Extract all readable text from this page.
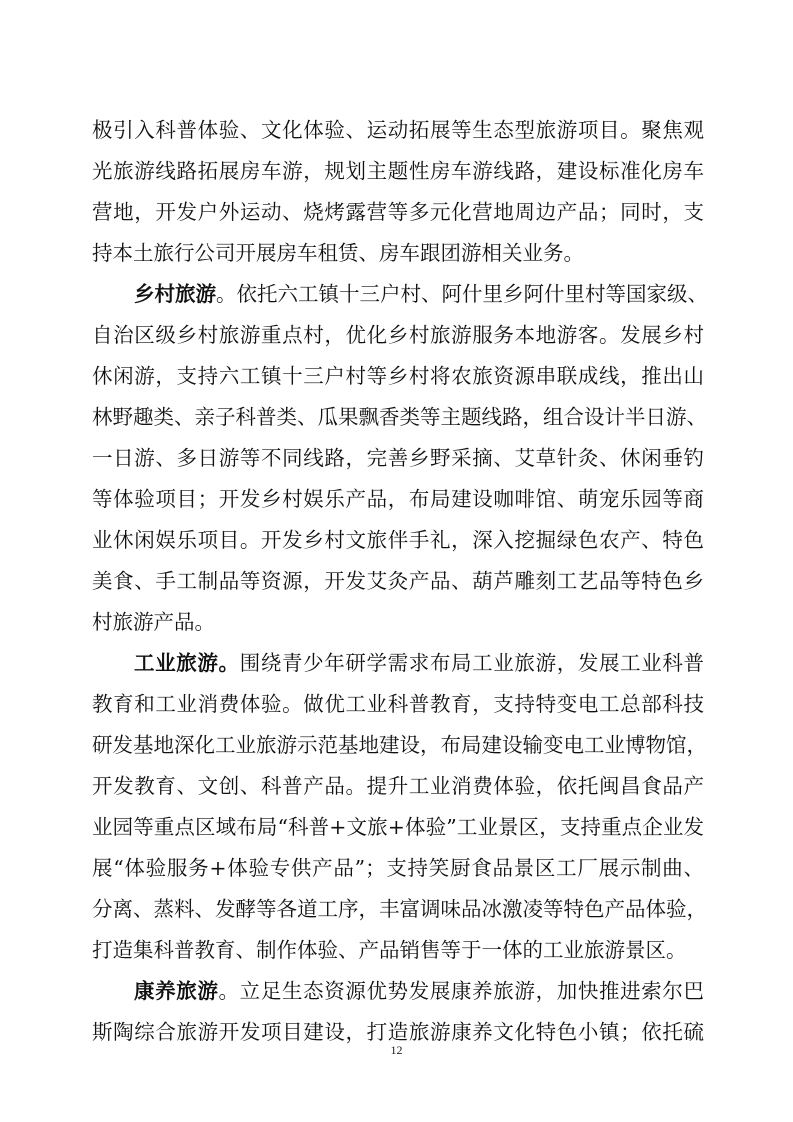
极引入科普体验、文化体验、运动拓展等生态型旅游项目。聚焦观
光旅游线路拓展房车游，规划主题性房车游线路，建设标准化房车
营地，开发户外运动、烧烤露营等多元化营地周边产品；同时，支
持本土旅行公司开展房车租赁、房车跟团游相关业务。
乡村旅游。依托六工镇十三户村、阿什里乡阿什里村等国家级、
自治区级乡村旅游重点村，优化乡村旅游服务本地游客。发展乡村
休闲游，支持六工镇十三户村等乡村将农旅资源串联成线，推出山
林野趣类、亲子科普类、瓜果飘香类等主题线路，组合设计半日游、
一日游、多日游等不同线路，完善乡野采摘、艾草针灸、休闲垂钓
等体验项目；开发乡村娱乐产品，布局建设咖啡馆、萌宠乐园等商
业休闲娱乐项目。开发乡村文旅伴手礼，深入挖掘绿色农产、特色
美食、手工制品等资源，开发艾灸产品、葫芦雕刻工艺品等特色乡
村旅游产品。
工业旅游。围绕青少年研学需求布局工业旅游，发展工业科普
教育和工业消费体验。做优工业科普教育，支持特变电工总部科技
研发基地深化工业旅游示范基地建设，布局建设输变电工业博物馆，
开发教育、文创、科普产品。提升工业消费体验，依托闽昌食品产
业园等重点区域布局“科普+文旅+体验”工业景区，支持重点企业发
展“体验服务+体验专供产品”；支持笑厨食品景区工厂展示制曲、
分离、蒸料、发酵等各道工序，丰富调味品冰激凌等特色产品体验，
打造集科普教育、制作体验、产品销售等于一体的工业旅游景区。
康养旅游。立足生态资源优势发展康养旅游，加快推进索尔巴
斯陶综合旅游开发项目建设，打造旅游康养文化特色小镇；依托硫
12
